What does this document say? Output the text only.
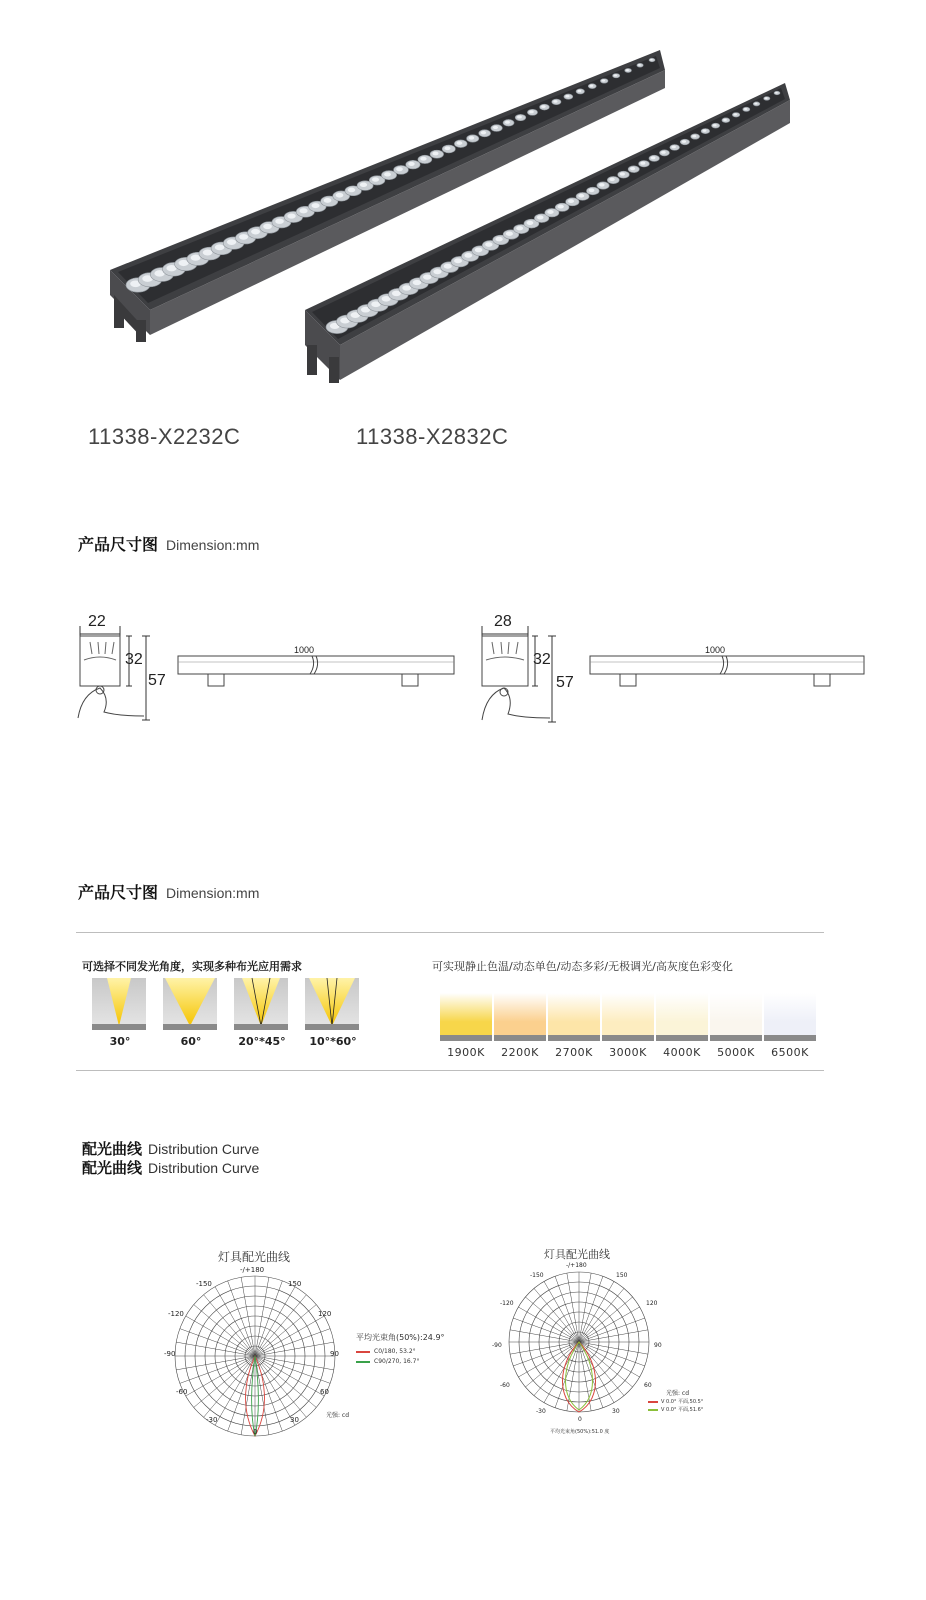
11338-X2232C	11338-X2832C
产品尺寸图 Dimension:mm
22
32
57
1000
28
32
57
1000
产品尺寸图 Dimension:mm
可选择不同发光角度，实现多种布光应用需求
30°	60°	20°*45°	10°*60°
可实现静止色温/动态单色/动态多彩/无极调光/高灰度色彩变化
1900K	2200K	2700K	3000K	4000K	5000K	6500K
配光曲线 Distribution Curve
配光曲线 Distribution Curve
灯具配光曲线
-/+180
-150	150
-120	120
-90	90
-60	60
-30	30
0
平均光束角(50%):24.9°
C0/180, 53.2°
C90/270, 16.7°
光强: cd
灯具配光曲线
-/+180
-150	150
-120	120
-90	90
-60	60
-30	30
0
光强: cd
V 0.0° 平面,50.5°
V 0.0° 平面,51.6°
平均光束角(50%):51.0 度
